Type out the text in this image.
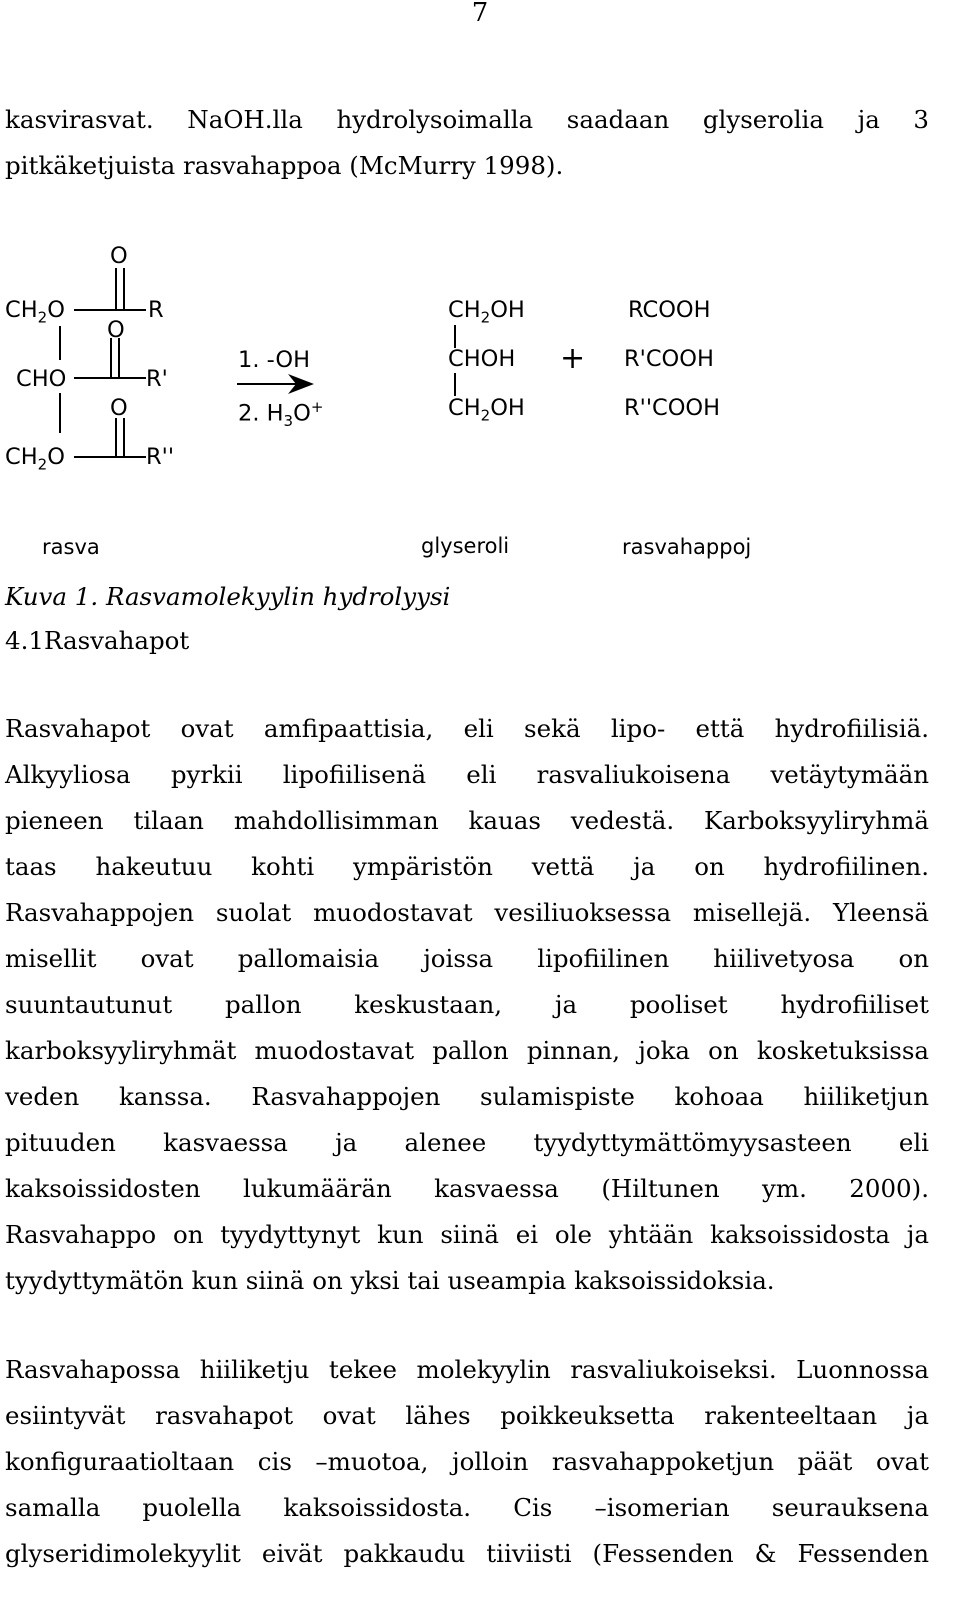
7
kasvirasvat. NaOH.lla hydrolysoimalla saadaan glyserolia ja 3
pitkäketjuista rasvahappoa (McMurry 1998).
O
$CH_2O$	R
O
CHO	R'
O
$CH_2O$	R''
1. -OH
2. $H_3O^+$
$CH_2OH$
CHOH
$CH_2OH$
+
RCOOH
R'COOH
R''COOH
rasva	glyseroli	rasvahappoj
Kuva 1. Rasvamolekyylin hydrolyysi
4.1Rasvahapot
Rasvahapot ovat amfipaattisia, eli sekä lipo- että hydrofiilisiä.
Alkyyliosa pyrkii lipofiilisenä eli rasvaliukoisena vetäytymään
pieneen tilaan mahdollisimman kauas vedestä. Karboksyyliryhmä
taas hakeutuu kohti ympäristön vettä ja on hydrofiilinen.
Rasvahappojen suolat muodostavat vesiliuoksessa misellejä. Yleensä
misellit ovat pallomaisia joissa lipofiilinen hiilivetyosa on
suuntautunut pallon keskustaan, ja pooliset hydrofiiliset
karboksyyliryhmät muodostavat pallon pinnan, joka on kosketuksissa
veden kanssa. Rasvahappojen sulamispiste kohoaa hiiliketjun
pituuden kasvaessa ja alenee tyydyttymättömyysasteen eli
kaksoissidosten lukumäärän kasvaessa (Hiltunen ym. 2000).
Rasvahappo on tyydyttynyt kun siinä ei ole yhtään kaksoissidosta ja
tyydyttymätön kun siinä on yksi tai useampia kaksoissidoksia.
Rasvahapossa hiiliketju tekee molekyylin rasvaliukoiseksi. Luonnossa
esiintyvät rasvahapot ovat lähes poikkeuksetta rakenteeltaan ja
konfiguraatioltaan cis –muotoa, jolloin rasvahappoketjun päät ovat
samalla puolella kaksoissidosta. Cis –isomerian seurauksena
glyseridimolekyylit eivät pakkaudu tiiviisti (Fessenden & Fessenden
